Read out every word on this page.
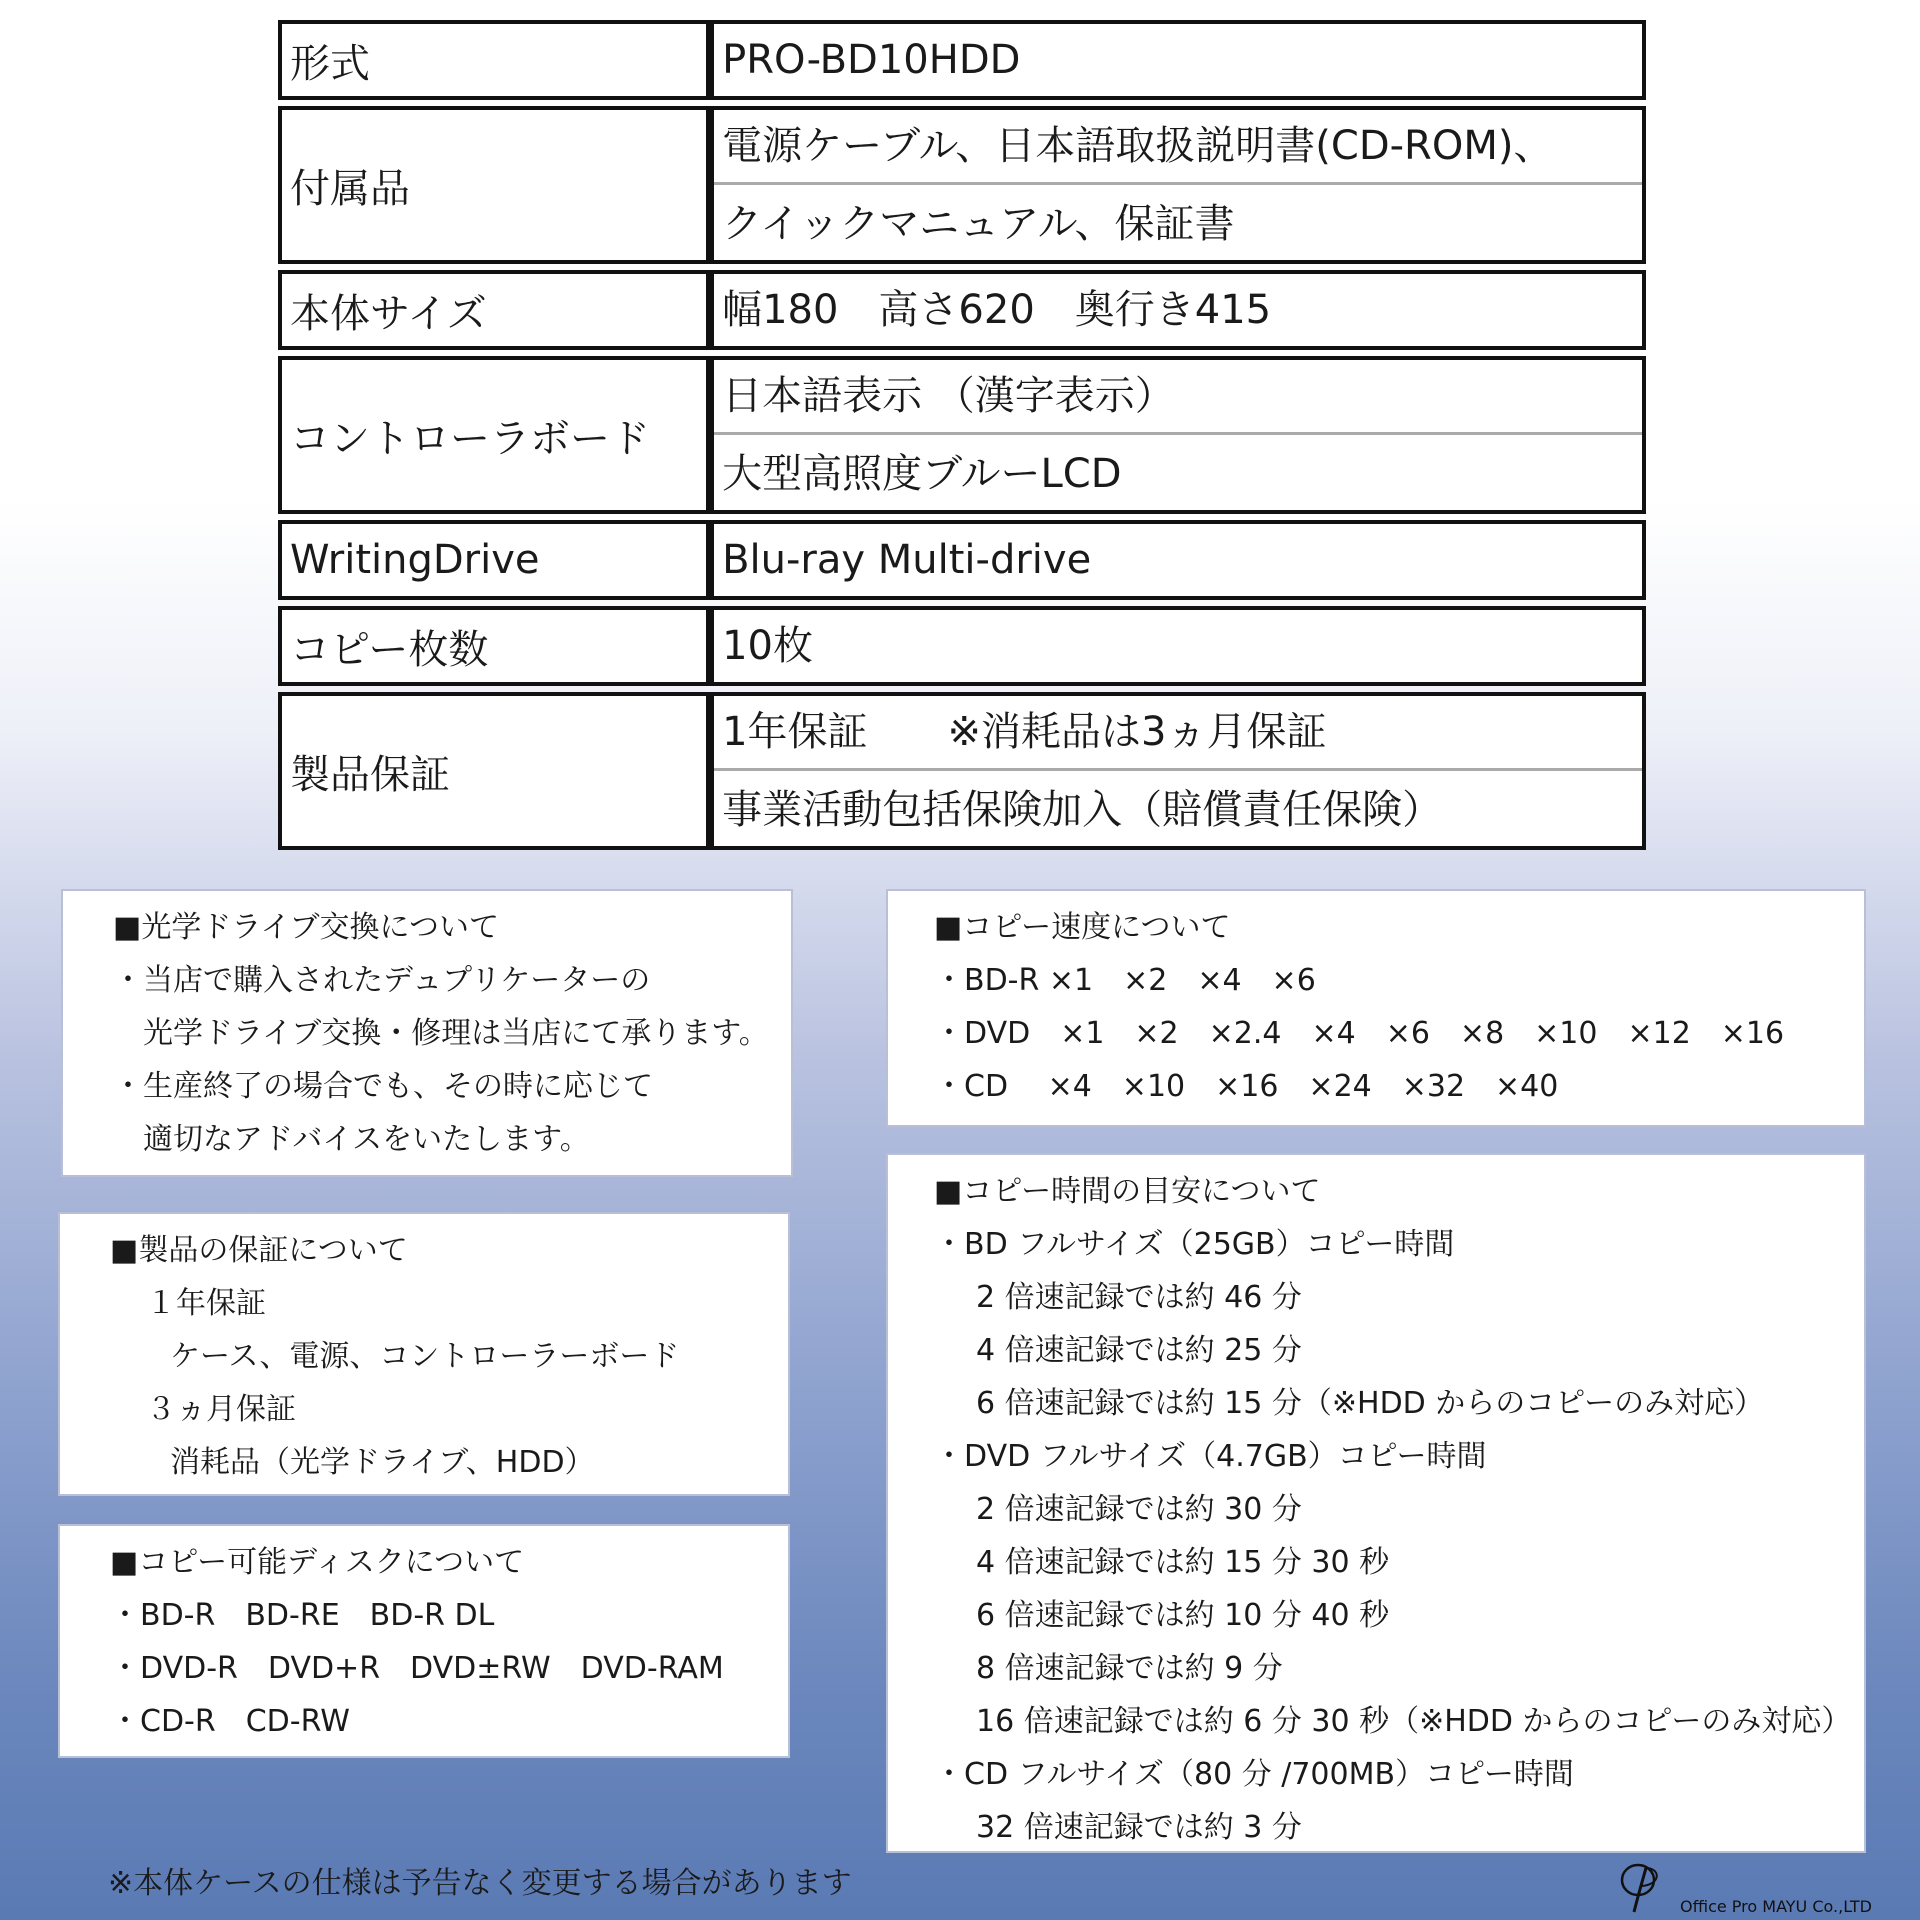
形式	PRO-BD10HDD

付属品	電源ケーブル、日本語取扱説明書(CD-ROM)、
クイックマニュアル、保証書

本体サイズ	幅180　高さ620　奥行き415

コントローラボード	日本語表示 （漢字表示）
大型高照度ブルーLCD

WritingDrive	Blu-ray Multi-drive

コピー枚数	10枚

製品保証	1年保証　　※消耗品は3ヵ月保証
事業活動包括保険加入（賠償責任保険）
■光学ドライブ交換について
・当店で購入されたデュプリケーターの
光学ドライブ交換・修理は当店にて承ります。
・生産終了の場合でも、その時に応じて
適切なアドバイスをいたします。
■製品の保証について
１年保証
ケース、電源、コントローラーボード
３ヵ月保証
消耗品（光学ドライブ、HDD）
■コピー可能ディスクについて
・BD-R　BD-RE　BD-R DL
・DVD-R　DVD+R　DVD±RW　DVD-RAM
・CD-R　CD-RW
■コピー速度について
・BD-R ×1　×2　×4　×6
・DVD　×1　×2　×2.4　×4　×6　×8　×10　×12　×16
・CD　 ×4　×10　×16　×24　×32　×40
■コピー時間の目安について
・BD フルサイズ（25GB）コピー時間
2 倍速記録では約 46 分
4 倍速記録では約 25 分
6 倍速記録では約 15 分（※HDD からのコピーのみ対応）
・DVD フルサイズ（4.7GB）コピー時間
2 倍速記録では約 30 分
4 倍速記録では約 15 分 30 秒
6 倍速記録では約 10 分 40 秒
8 倍速記録では約 9 分
16 倍速記録では約 6 分 30 秒（※HDD からのコピーのみ対応）
・CD フルサイズ（80 分 /700MB）コピー時間
32 倍速記録では約 3 分
※本体ケースの仕様は予告なく変更する場合があります
Office Pro MAYU Co.,LTD
